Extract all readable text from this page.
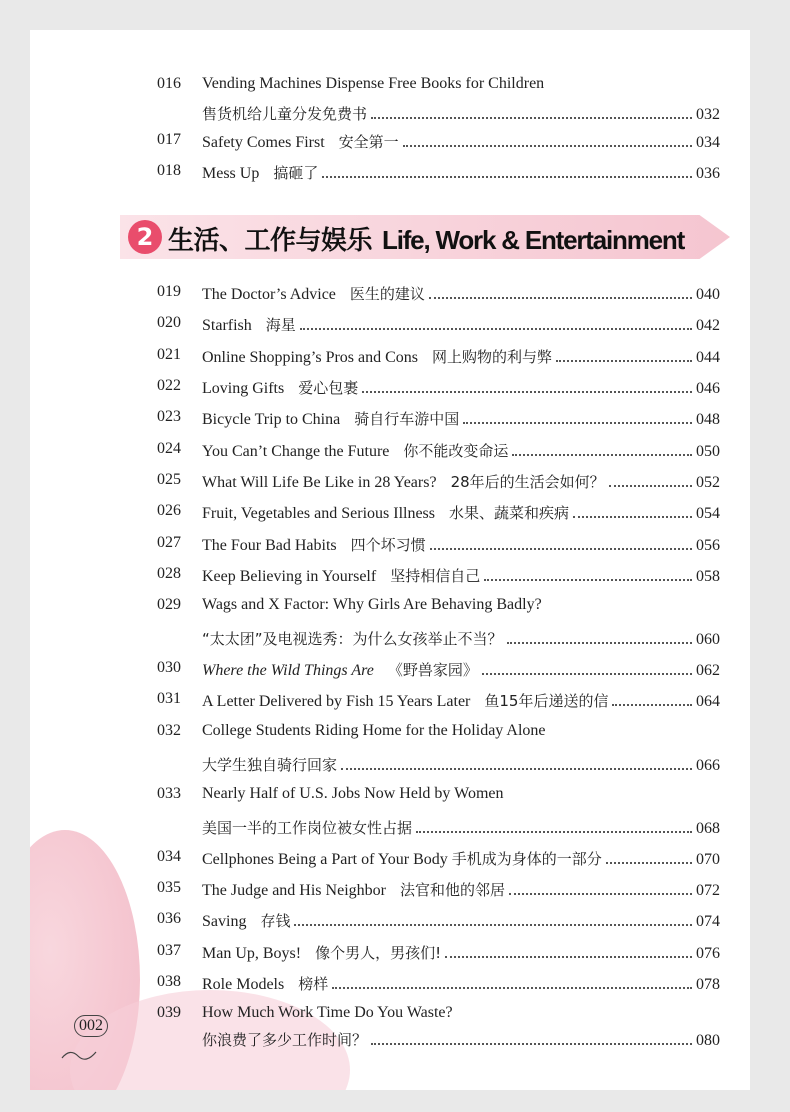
016	Vending Machines Dispense Free Books for Children
售货机给儿童分发免费书	032
017	Safety Comes First 安全第一	034
018	Mess Up 搞砸了	036
2 生活、工作与娱乐 Life, Work & Entertainment
019	The Doctor’s Advice 医生的建议	040
020	Starfish 海星	042
021	Online Shopping’s Pros and Cons 网上购物的利与弊	044
022	Loving Gifts 爱心包裹	046
023	Bicycle Trip to China 骑自行车游中国	048
024	You Can’t Change the Future 你不能改变命运	050
025	What Will Life Be Like in 28 Years? 28年后的生活会如何？	052
026	Fruit, Vegetables and Serious Illness 水果、蔬菜和疾病	054
027	The Four Bad Habits 四个坏习惯	056
028	Keep Believing in Yourself 坚持相信自己	058
029	Wags and X Factor: Why Girls Are Behaving Badly?
“太太团”及电视选秀：为什么女孩举止不当？	060
030	Where the Wild Things Are 《野兽家园》	062
031	A Letter Delivered by Fish 15 Years Later 鱼15年后递送的信	064
032	College Students Riding Home for the Holiday Alone
大学生独自骑行回家	066
033	Nearly Half of U.S. Jobs Now Held by Women
美国一半的工作岗位被女性占据	068
034	Cellphones Being a Part of Your Body 手机成为身体的一部分	070
035	The Judge and His Neighbor 法官和他的邻居	072
036	Saving 存钱	074
037	Man Up, Boys! 像个男人，男孩们!	076
038	Role Models 榜样	078
039	How Much Work Time Do You Waste?
你浪费了多少工作时间？	080
002
